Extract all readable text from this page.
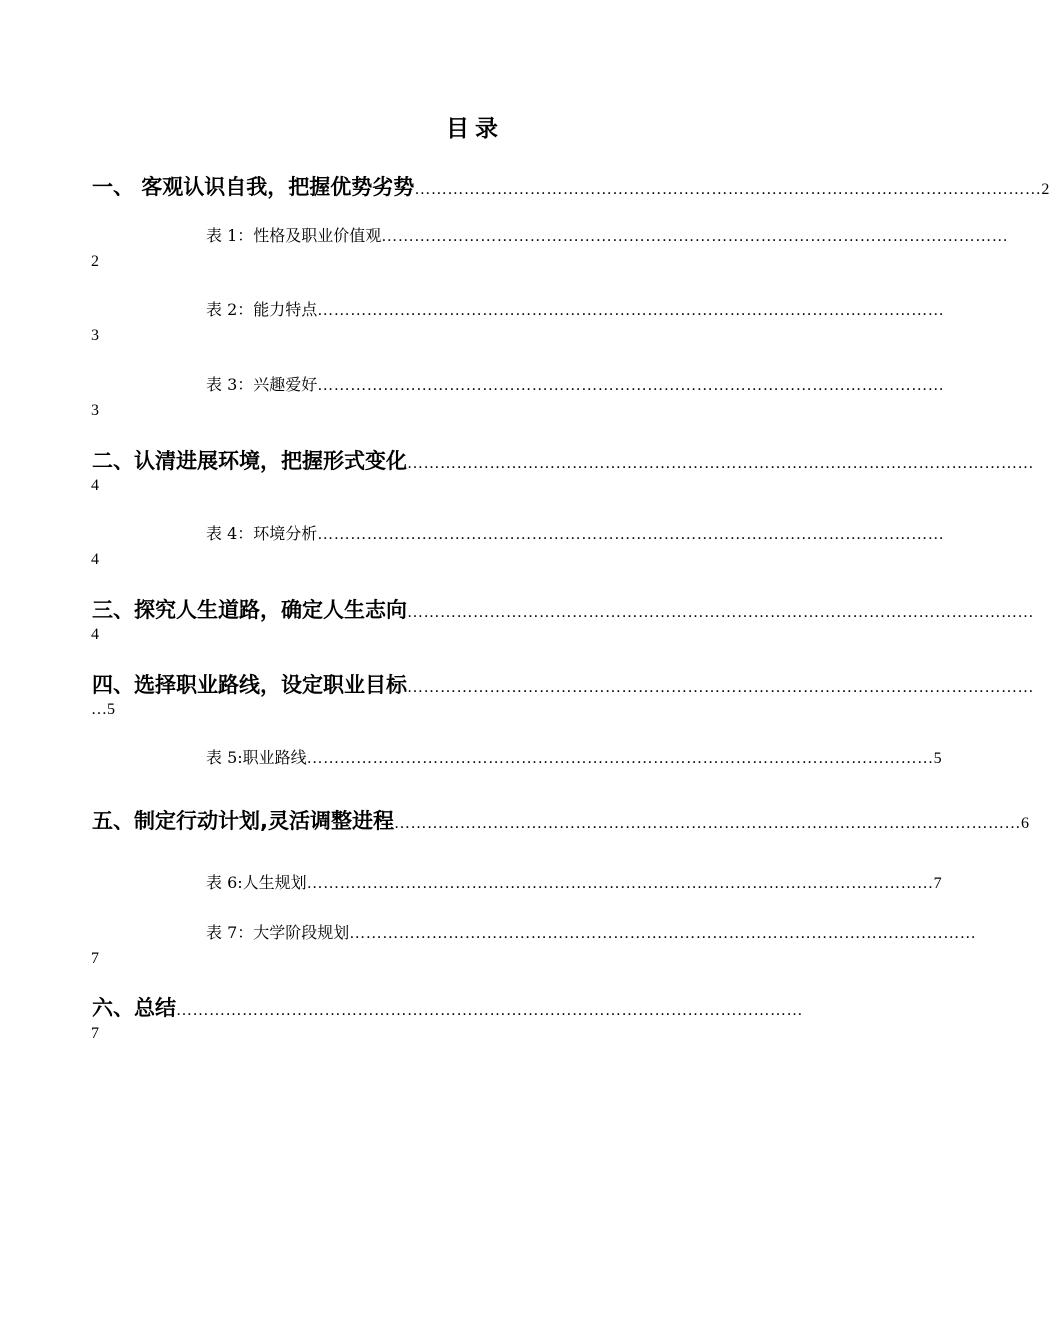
目录
一、 客观认识自我，把握优势劣势 …………………………………………………………………………………………………… 2
表 1：性格及职业价值观 ……………………………………………………………………………………………………
2
表 2：能力特点 ……………………………………………………………………………………………………
3
表 3：兴趣爱好 ……………………………………………………………………………………………………
3
二、认清进展环境，把握形式变化 ……………………………………………………………………………………………………
4
表 4：环境分析 ……………………………………………………………………………………………………
4
三、探究人生道路，确定人生志向 ……………………………………………………………………………………………………
4
四、选择职业路线，设定职业目标 ……………………………………………………………………………………………………
…5
表 5:职业路线 …………………………………………………………………………………………………… 5
五、制定行动计划,灵活调整进程 …………………………………………………………………………………………………… 6
表 6:人生规划 …………………………………………………………………………………………………… 7
表 7：大学阶段规划 ……………………………………………………………………………………………………
7
六、总结 ……………………………………………………………………………………………………
7
